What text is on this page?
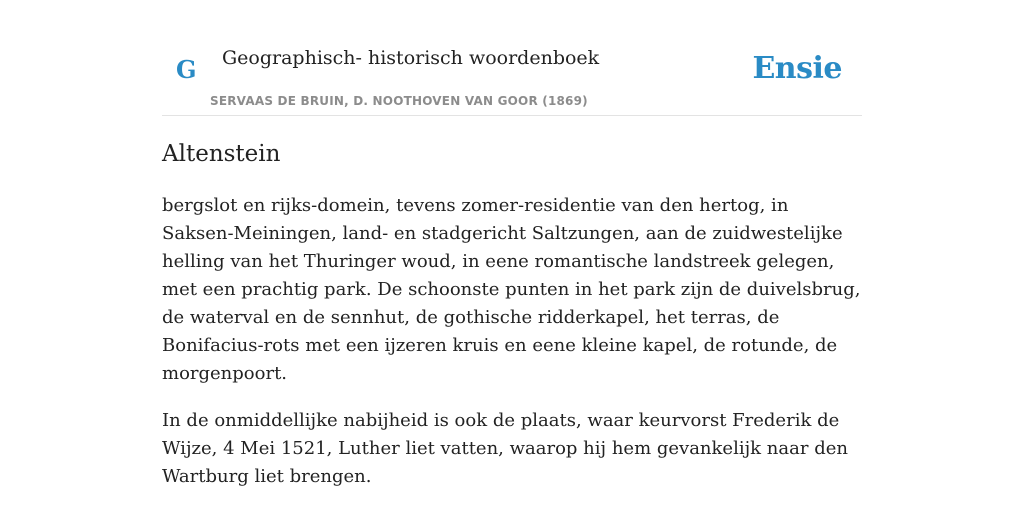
G Geographisch- historisch woordenboek
SERVAAS DE BRUIN, D. NOOTHOVEN VAN GOOR (1869)
Ensie
Altenstein

bergslot en rijks-domein, tevens zomer-residentie van den hertog, in Saksen-Meiningen, land- en stadgericht Saltzungen, aan de zuidwestelijke helling van het Thuringer woud, in eene romantische landstreek gelegen, met een prachtig park. De schoonste punten in het park zijn de duivelsbrug, de waterval en de sennhut, de gothische ridderkapel, het terras, de Bonifacius-rots met een ijzeren kruis en eene kleine kapel, de rotunde, de morgenpoort.

In de onmiddellijke nabijheid is ook de plaats, waar keurvorst Frederik de Wijze, 4 Mei 1521, Luther liet vatten, waarop hij hem gevankelijk naar den Wartburg liet brengen.
